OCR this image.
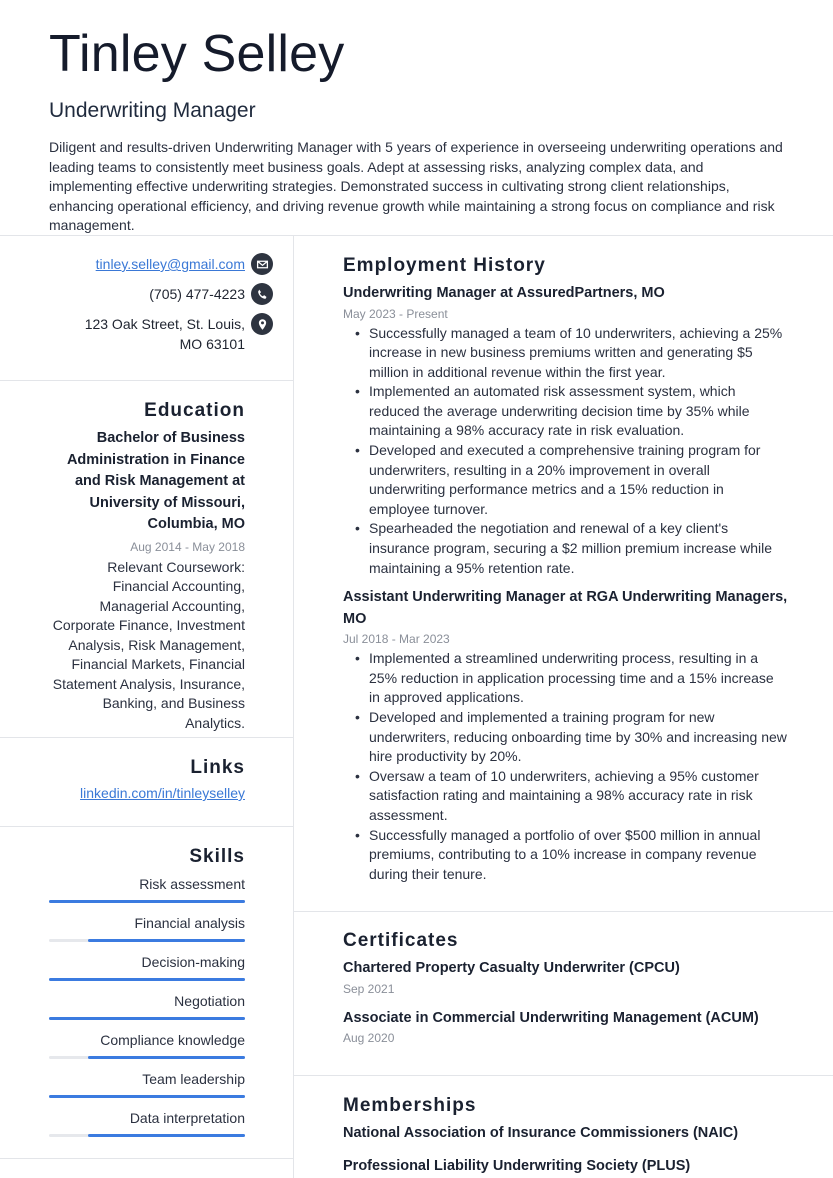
Tinley Selley
Underwriting Manager
Diligent and results-driven Underwriting Manager with 5 years of experience in overseeing underwriting operations and leading teams to consistently meet business goals. Adept at assessing risks, analyzing complex data, and implementing effective underwriting strategies. Demonstrated success in cultivating strong client relationships, enhancing operational efficiency, and driving revenue growth while maintaining a strong focus on compliance and risk management.
tinley.selley@gmail.com
(705) 477-4223
123 Oak Street, St. Louis, MO 63101
Education
Bachelor of Business Administration in Finance and Risk Management at University of Missouri, Columbia, MO
Aug 2014 - May 2018
Relevant Coursework: Financial Accounting, Managerial Accounting, Corporate Finance, Investment Analysis, Risk Management, Financial Markets, Financial Statement Analysis, Insurance, Banking, and Business Analytics.
Links
linkedin.com/in/tinleyselley
Skills
Risk assessment
Financial analysis
Decision-making
Negotiation
Compliance knowledge
Team leadership
Data interpretation
Employment History
Underwriting Manager at AssuredPartners, MO
May 2023 - Present
• Successfully managed a team of 10 underwriters, achieving a 25% increase in new business premiums written and generating $5 million in additional revenue within the first year.
• Implemented an automated risk assessment system, which reduced the average underwriting decision time by 35% while maintaining a 98% accuracy rate in risk evaluation.
• Developed and executed a comprehensive training program for underwriters, resulting in a 20% improvement in overall underwriting performance metrics and a 15% reduction in employee turnover.
• Spearheaded the negotiation and renewal of a key client's insurance program, securing a $2 million premium increase while maintaining a 95% retention rate.
Assistant Underwriting Manager at RGA Underwriting Managers, MO
Jul 2018 - Mar 2023
• Implemented a streamlined underwriting process, resulting in a 25% reduction in application processing time and a 15% increase in approved applications.
• Developed and implemented a training program for new underwriters, reducing onboarding time by 30% and increasing new hire productivity by 20%.
• Oversaw a team of 10 underwriters, achieving a 95% customer satisfaction rating and maintaining a 98% accuracy rate in risk assessment.
• Successfully managed a portfolio of over $500 million in annual premiums, contributing to a 10% increase in company revenue during their tenure.
Certificates
Chartered Property Casualty Underwriter (CPCU)
Sep 2021
Associate in Commercial Underwriting Management (ACUM)
Aug 2020
Memberships
National Association of Insurance Commissioners (NAIC)
Professional Liability Underwriting Society (PLUS)
